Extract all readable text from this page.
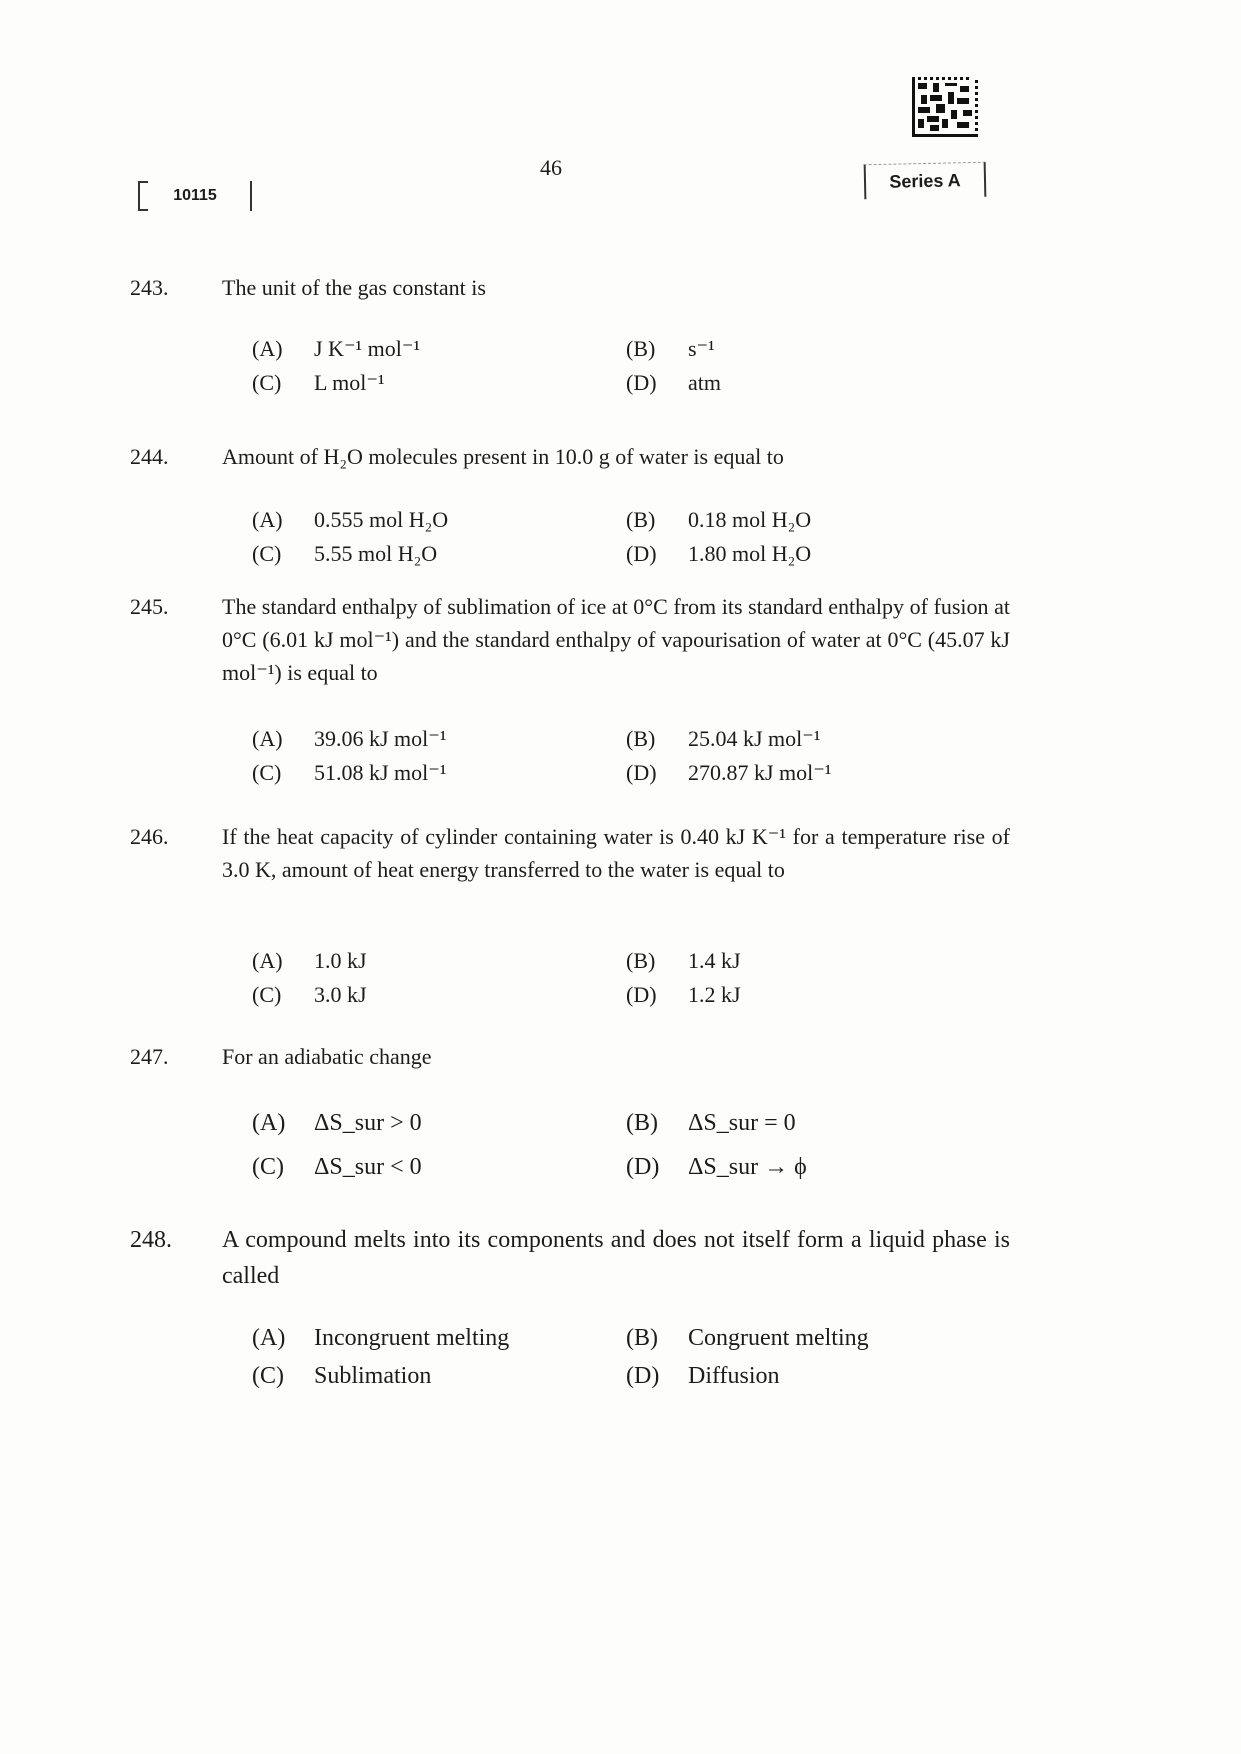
10115
46
Series A
243.	The unit of the gas constant is
(A)	J K⁻¹ mol⁻¹	(B)	s⁻¹
(C)	L mol⁻¹	(D)	atm
244.	Amount of H₂O molecules present in 10.0 g of water is equal to
(A)	0.555 mol H₂O	(B)	0.18 mol H₂O
(C)	5.55 mol H₂O	(D)	1.80 mol H₂O
245.	The standard enthalpy of sublimation of ice at 0°C from its standard enthalpy of fusion at 0°C (6.01 kJ mol⁻¹) and the standard enthalpy of vapourisation of water at 0°C (45.07 kJ mol⁻¹) is equal to
(A)	39.06 kJ mol⁻¹	(B)	25.04 kJ mol⁻¹
(C)	51.08 kJ mol⁻¹	(D)	270.87 kJ mol⁻¹
246.	If the heat capacity of cylinder containing water is 0.40 kJ K⁻¹ for a temperature rise of 3.0 K, amount of heat energy transferred to the water is equal to
(A)	1.0 kJ	(B)	1.4 kJ
(C)	3.0 kJ	(D)	1.2 kJ
247.	For an adiabatic change
(A) ΔS_sur > 0	(B)	ΔS_sur = 0
(C)	ΔS_sur < 0	(D) ΔS_sur → ϕ
248.	A compound melts into its components and does not itself form a liquid phase is called
(A) Incongruent melting	(B)	Congruent melting
(C)	Sublimation	(D) Diffusion
